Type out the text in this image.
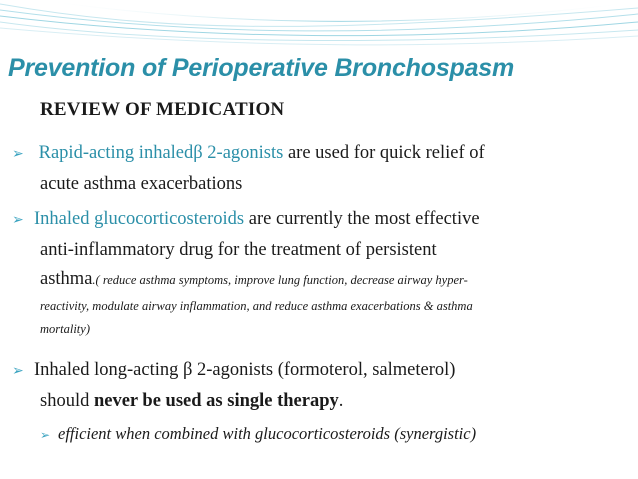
Prevention of Perioperative Bronchospasm
REVIEW OF MEDICATION
➢ Rapid-acting inhaledβ 2-agonists are used for quick relief of
acute asthma exacerbations
➢ Inhaled glucocorticosteroids are currently the most effective
anti-inflammatory drug for the treatment of persistent
asthma.( reduce asthma symptoms, improve lung function, decrease airway hyper-
reactivity, modulate airway inflammation, and reduce asthma exacerbations & asthma
mortality)
➢ Inhaled long-acting β 2-agonists (formoterol, salmeterol)
should never be used as single therapy.
➢ efficient when combined with glucocorticosteroids (synergistic)
